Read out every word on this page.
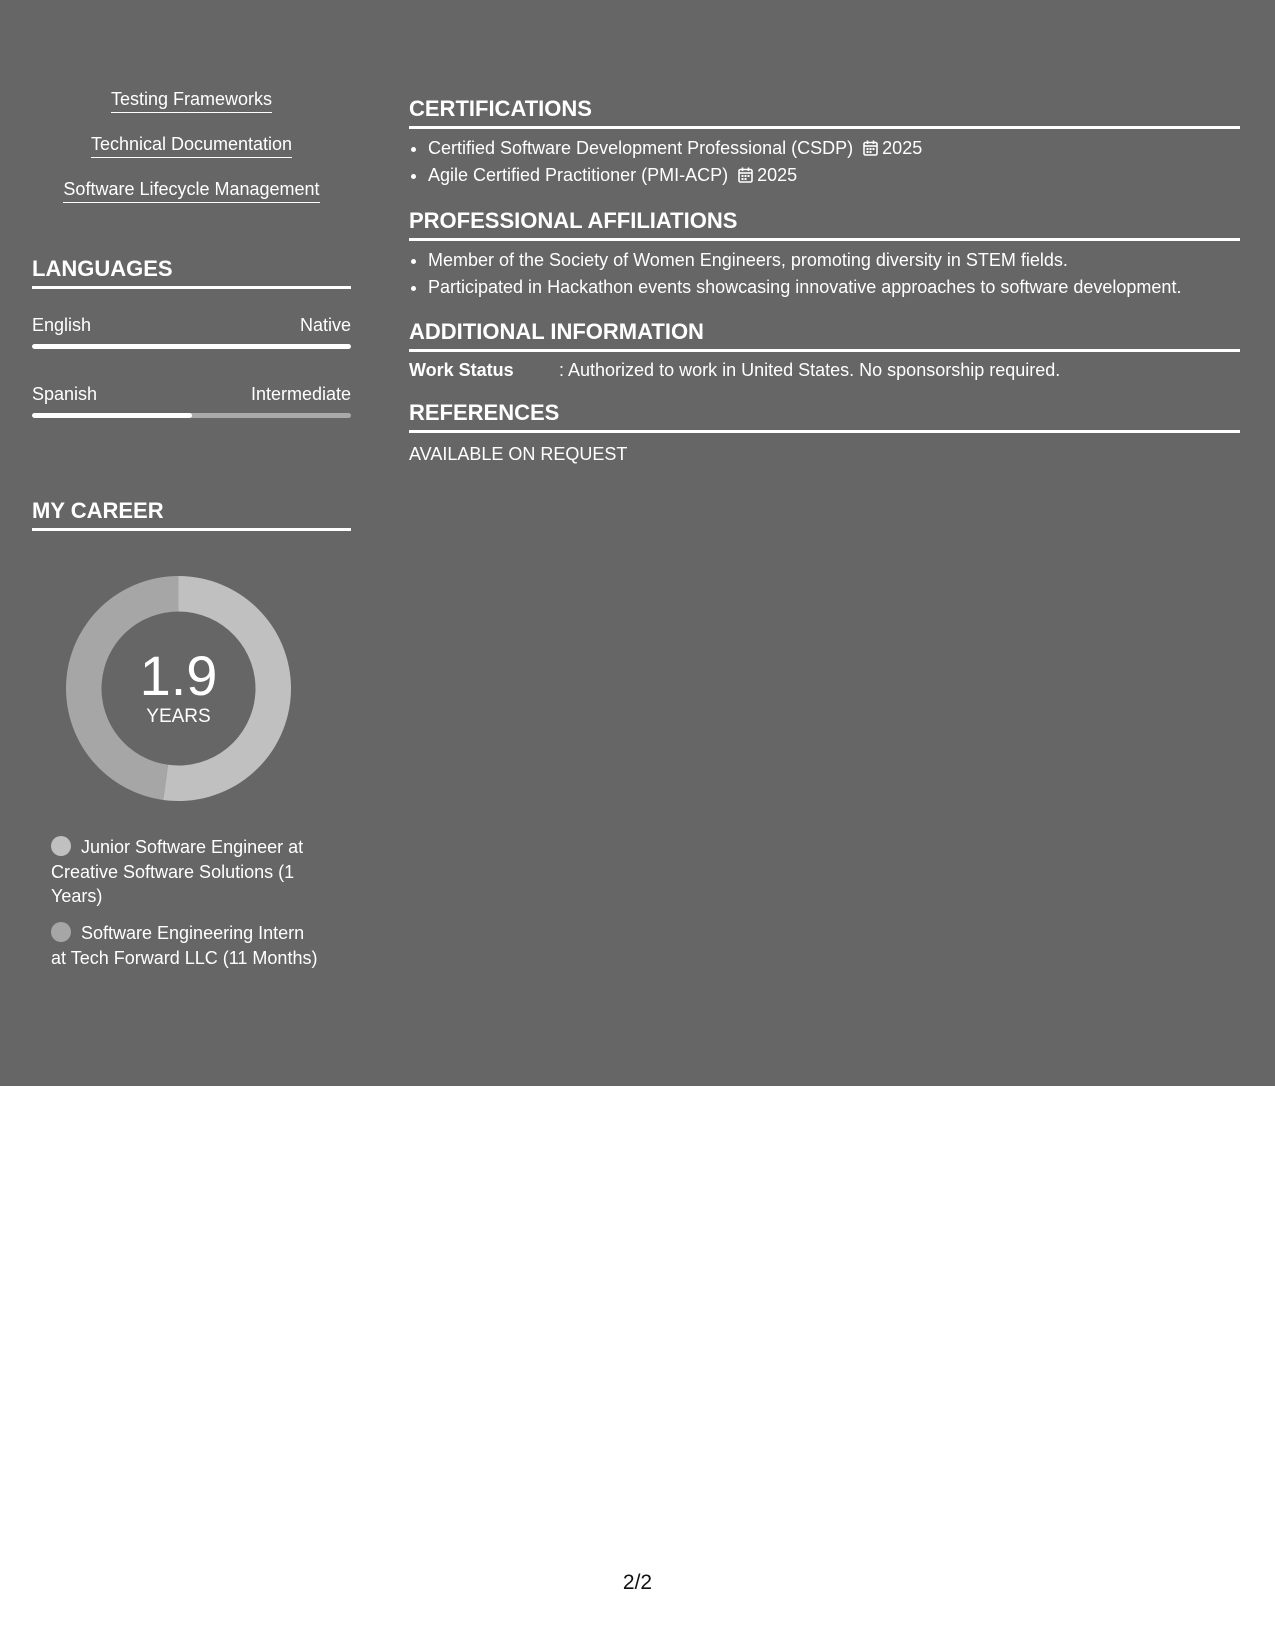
Testing Frameworks
Technical Documentation
Software Lifecycle Management
LANGUAGES
English	Native
Spanish	Intermediate
MY CAREER
1.9
YEARS
Junior Software Engineer at Creative Software Solutions (1 Years)
Software Engineering Intern at Tech Forward LLC (11 Months)
CERTIFICATIONS
• Certified Software Development Professional (CSDP) 2025
• Agile Certified Practitioner (PMI-ACP) 2025
PROFESSIONAL AFFILIATIONS
• Member of the Society of Women Engineers, promoting diversity in STEM fields.
• Participated in Hackathon events showcasing innovative approaches to software development.
ADDITIONAL INFORMATION
Work Status	: Authorized to work in United States. No sponsorship required.
REFERENCES
AVAILABLE ON REQUEST
2/2
